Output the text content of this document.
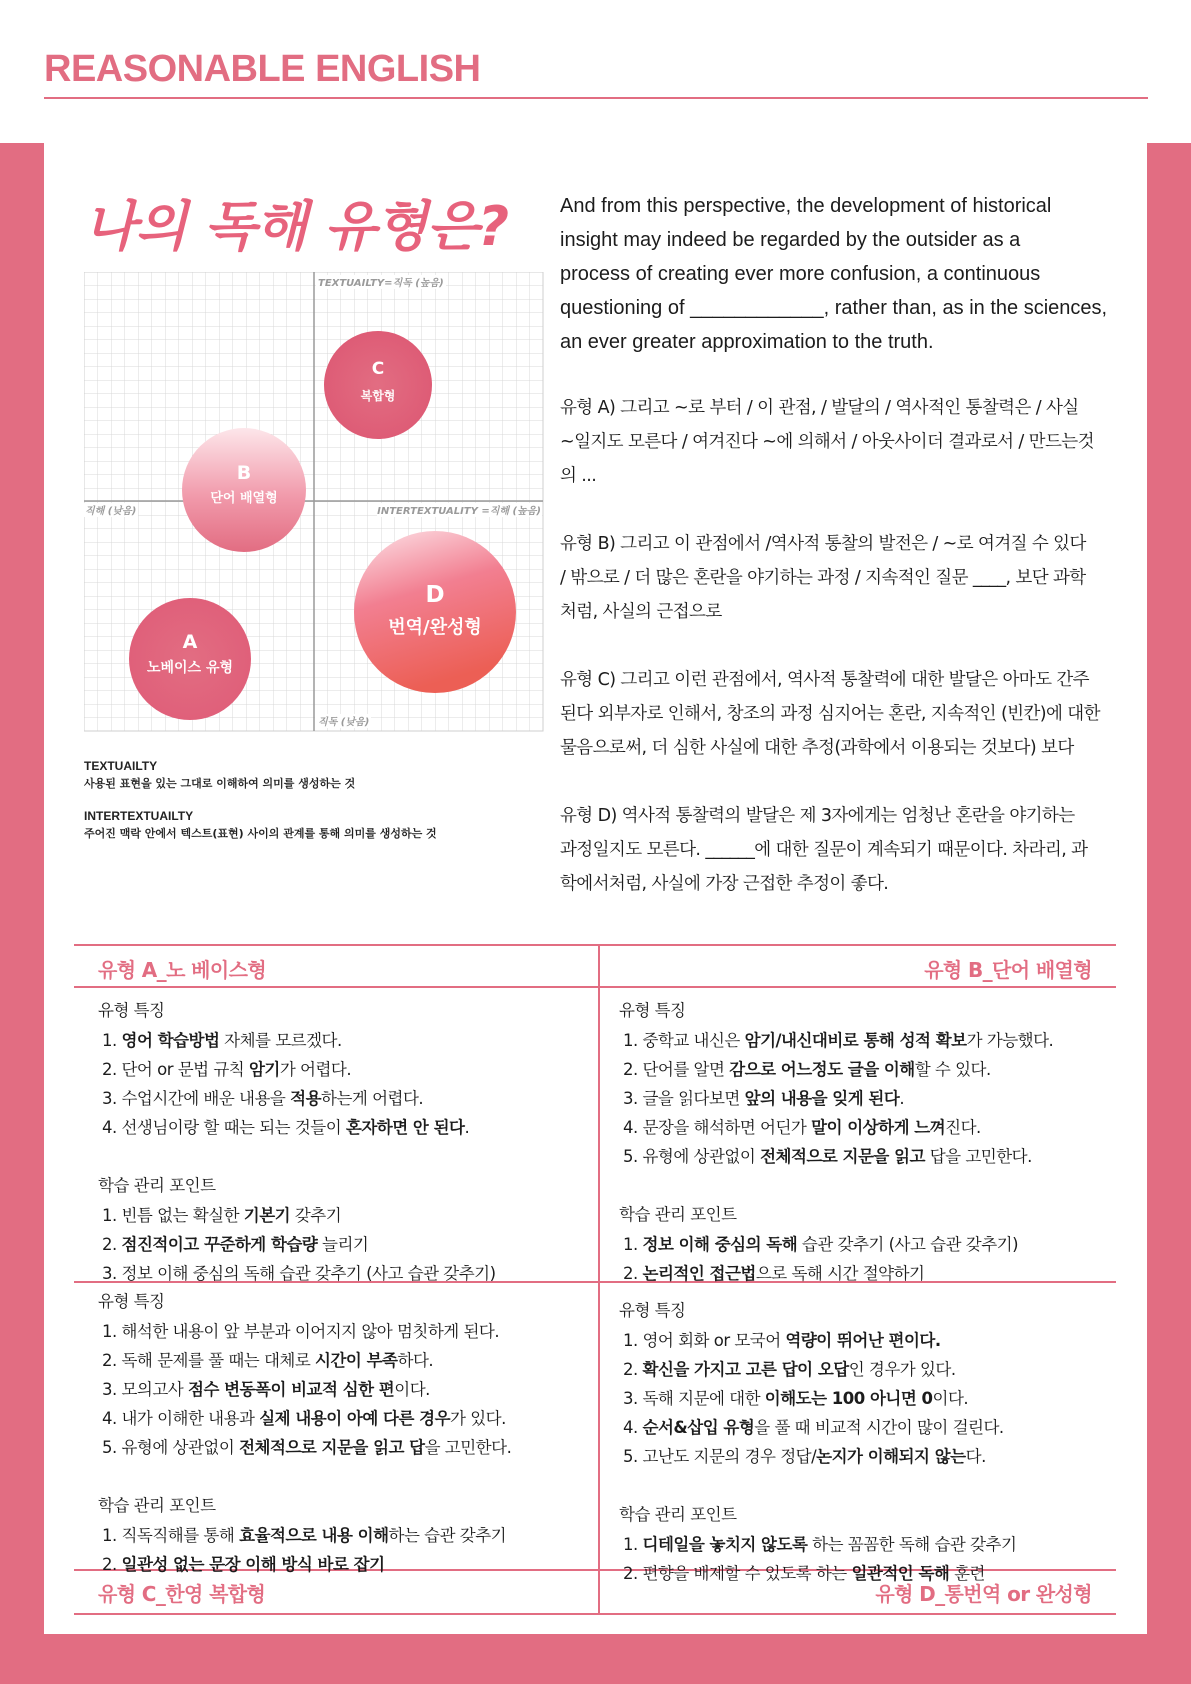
REASONABLE ENGLISH
나의 독해 유형은?
TEXTUAILTY=직독 (높음)
직독 (낮음)
직해 (낮음)	INTERTEXTUALITY =직해 (높음)
C
복합형
B
단어 배열형
A
노베이스 유형
D
번역/완성형
TEXTUAILTY
사용된 표현을 있는 그대로 이해하여 의미를 생성하는 것
INTERTEXTUAILTY
주어진 맥락 안에서 텍스트(표현) 사이의 관계를 통해 의미를 생성하는 것
And from this perspective, the development of historical
insight may indeed be regarded by the outsider as a
process of creating ever more confusion, a continuous
questioning of ____________, rather than, as in the sciences,
an ever greater approximation to the truth.
유형 A) 그리고 ~로 부터 / 이 관점, / 발달의 / 역사적인 통찰력은 / 사실
~일지도 모른다 / 여겨진다 ~에 의해서 / 아웃사이더 결과로서 / 만드는것
의 ...
유형 B) 그리고 이 관점에서 /역사적 통찰의 발전은 / ~로 여겨질 수 있다
/ 밖으로 / 더 많은 혼란을 야기하는 과정 / 지속적인 질문 ____, 보단 과학
처럼, 사실의 근접으로
유형 C) 그리고 이런 관점에서, 역사적 통찰력에 대한 발달은 아마도 간주
된다 외부자로 인해서, 창조의 과정 심지어는 혼란, 지속적인 (빈칸)에 대한
물음으로써, 더 심한 사실에 대한 추정(과학에서 이용되는 것보다) 보다
유형 D) 역사적 통찰력의 발달은 제 3자에게는 엄청난 혼란을 야기하는
과정일지도 모른다. ______에 대한 질문이 계속되기 때문이다. 차라리, 과
학에서처럼, 사실에 가장 근접한 추정이 좋다.
유형 A_노 베이스형	유형 B_단어 배열형
유형 C_한영 복합형	유형 D_통번역 or 완성형
유형 특징
1. 영어 학습방법 자체를 모르겠다.
2. 단어 or 문법 규칙 암기가 어렵다.
3. 수업시간에 배운 내용을 적용하는게 어렵다.
4. 선생님이랑 할 때는 되는 것들이 혼자하면 안 된다.
학습 관리 포인트
1. 빈틈 없는 확실한 기본기 갖추기
2. 점진적이고 꾸준하게 학습량 늘리기
3. 정보 이해 중심의 독해 습관 갖추기 (사고 습관 갖추기)
유형 특징
1. 중학교 내신은 암기/내신대비로 통해 성적 확보가 가능했다.
2. 단어를 알면 감으로 어느정도 글을 이해할 수 있다.
3. 글을 읽다보면 앞의 내용을 잊게 된다.
4. 문장을 해석하면 어딘가 말이 이상하게 느껴진다.
5. 유형에 상관없이 전체적으로 지문을 읽고 답을 고민한다.
학습 관리 포인트
1. 정보 이해 중심의 독해 습관 갖추기 (사고 습관 갖추기)
2. 논리적인 접근법으로 독해 시간 절약하기
유형 특징
1. 해석한 내용이 앞 부분과 이어지지 않아 멈칫하게 된다.
2. 독해 문제를 풀 때는 대체로 시간이 부족하다.
3. 모의고사 점수 변동폭이 비교적 심한 편이다.
4. 내가 이해한 내용과 실제 내용이 아예 다른 경우가 있다.
5. 유형에 상관없이 전체적으로 지문을 읽고 답을 고민한다.
학습 관리 포인트
1. 직독직해를 통해 효율적으로 내용 이해하는 습관 갖추기
2. 일관성 없는 문장 이해 방식 바로 잡기
유형 특징
1. 영어 회화 or 모국어 역량이 뛰어난 편이다.
2. 확신을 가지고 고른 답이 오답인 경우가 있다.
3. 독해 지문에 대한 이해도는 100 아니면 0이다.
4. 순서&삽입 유형을 풀 때 비교적 시간이 많이 걸린다.
5. 고난도 지문의 경우 정답/논지가 이해되지 않는다.
학습 관리 포인트
1. 디테일을 놓치지 않도록 하는 꼼꼼한 독해 습관 갖추기
2. 편향을 배제할 수 있도록 하는 일관적인 독해 훈련
